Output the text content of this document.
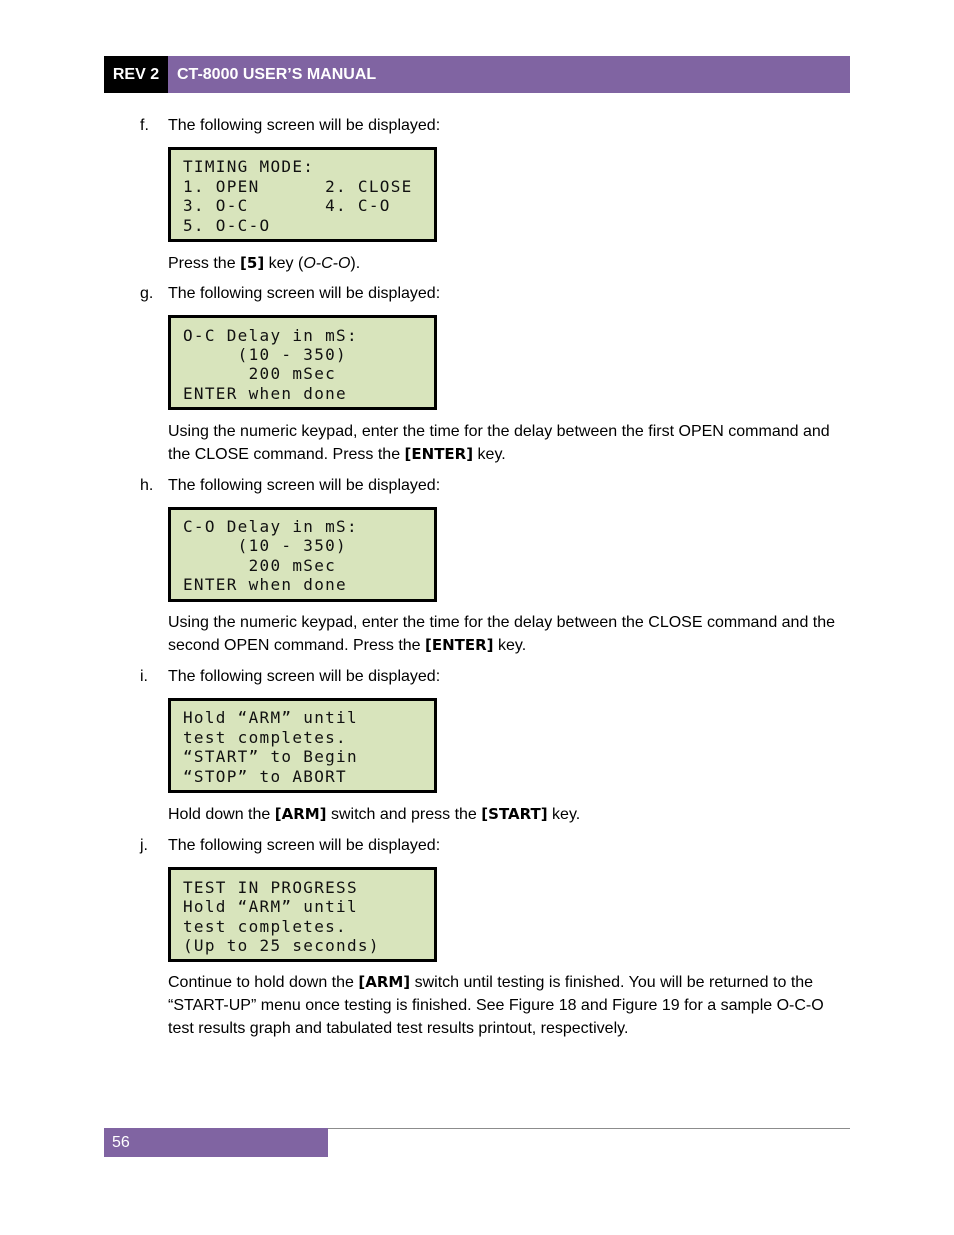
REV 2	CT-8000 USER’S MANUAL
f. The following screen will be displayed:
TIMING MODE:
1. OPEN      2. CLOSE
3. O-C       4. C-O
5. O-C-O
Press the [5] key (O-C-O).
g. The following screen will be displayed:
O-C Delay in mS:
(10 - 350)
200 mSec
ENTER when done
Using the numeric keypad, enter the time for the delay between the first OPEN command and the CLOSE command. Press the [ENTER] key.
h. The following screen will be displayed:
C-O Delay in mS:
(10 - 350)
200 mSec
ENTER when done
Using the numeric keypad, enter the time for the delay between the CLOSE command and the second OPEN command. Press the [ENTER] key.
i. The following screen will be displayed:
Hold “ARM” until
test completes.
“START” to Begin
“STOP” to ABORT
Hold down the [ARM] switch and press the [START] key.
j. The following screen will be displayed:
TEST IN PROGRESS
Hold “ARM” until
test completes.
(Up to 25 seconds)
Continue to hold down the [ARM] switch until testing is finished. You will be returned to the “START-UP” menu once testing is finished. See Figure 18 and Figure 19 for a sample O-C-O test results graph and tabulated test results printout, respectively.
56
